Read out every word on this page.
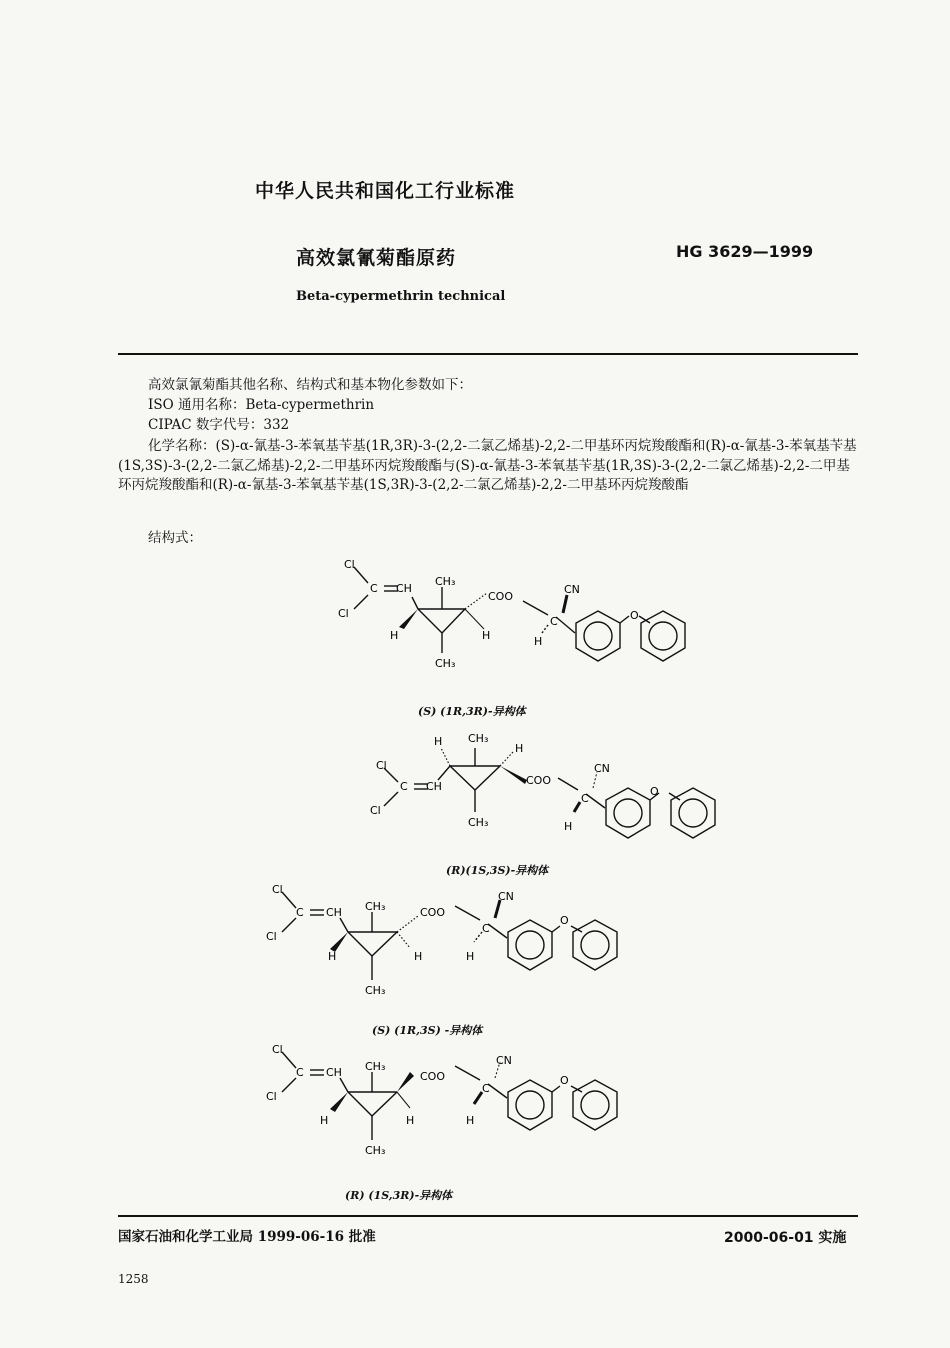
中华人民共和国化工行业标准
高效氯氰菊酯原药	HG 3629—1999
Beta-cypermethrin technical
高效氯氰菊酯其他名称、结构式和基本物化参数如下：
ISO 通用名称：Beta-cypermethrin
CIPAC 数字代号：332
化学名称：(S)-α-氰基-3-苯氧基苄基(1R,3R)-3-(2,2-二氯乙烯基)-2,2-二甲基环丙烷羧酸酯和(R)-α-氰基-3-苯氧基苄基(1S,3S)-3-(2,2-二氯乙烯基)-2,2-二甲基环丙烷羧酸酯与(S)-α-氰基-3-苯氧基苄基(1R,3S)-3-(2,2-二氯乙烯基)-2,2-二甲基环丙烷羧酸酯和(R)-α-氰基-3-苯氧基苄基(1S,3R)-3-(2,2-二氯乙烯基)-2,2-二甲基环丙烷羧酸酯
结构式：
Cl
C CH
Cl
CH₃
H	H
CH₃
COO
CN
C
H
O
(S) (1R,3R)-异构体
H CH₃
H
Cl
C CH
Cl
CH₃
COO
CN
C
H
O
(R)(1S,3S)-异构体
Cl
C CH
Cl
CH₃
H	H
CH₃
COO
CN
C
H
O
(S) (1R,3S) -异构体
Cl
C CH
Cl
CH₃
H	H
CH₃
COO
CN
C
H
O
(R) (1S,3R)-异构体
国家石油和化学工业局 1999-06-16 批准	2000-06-01 实施
1258
